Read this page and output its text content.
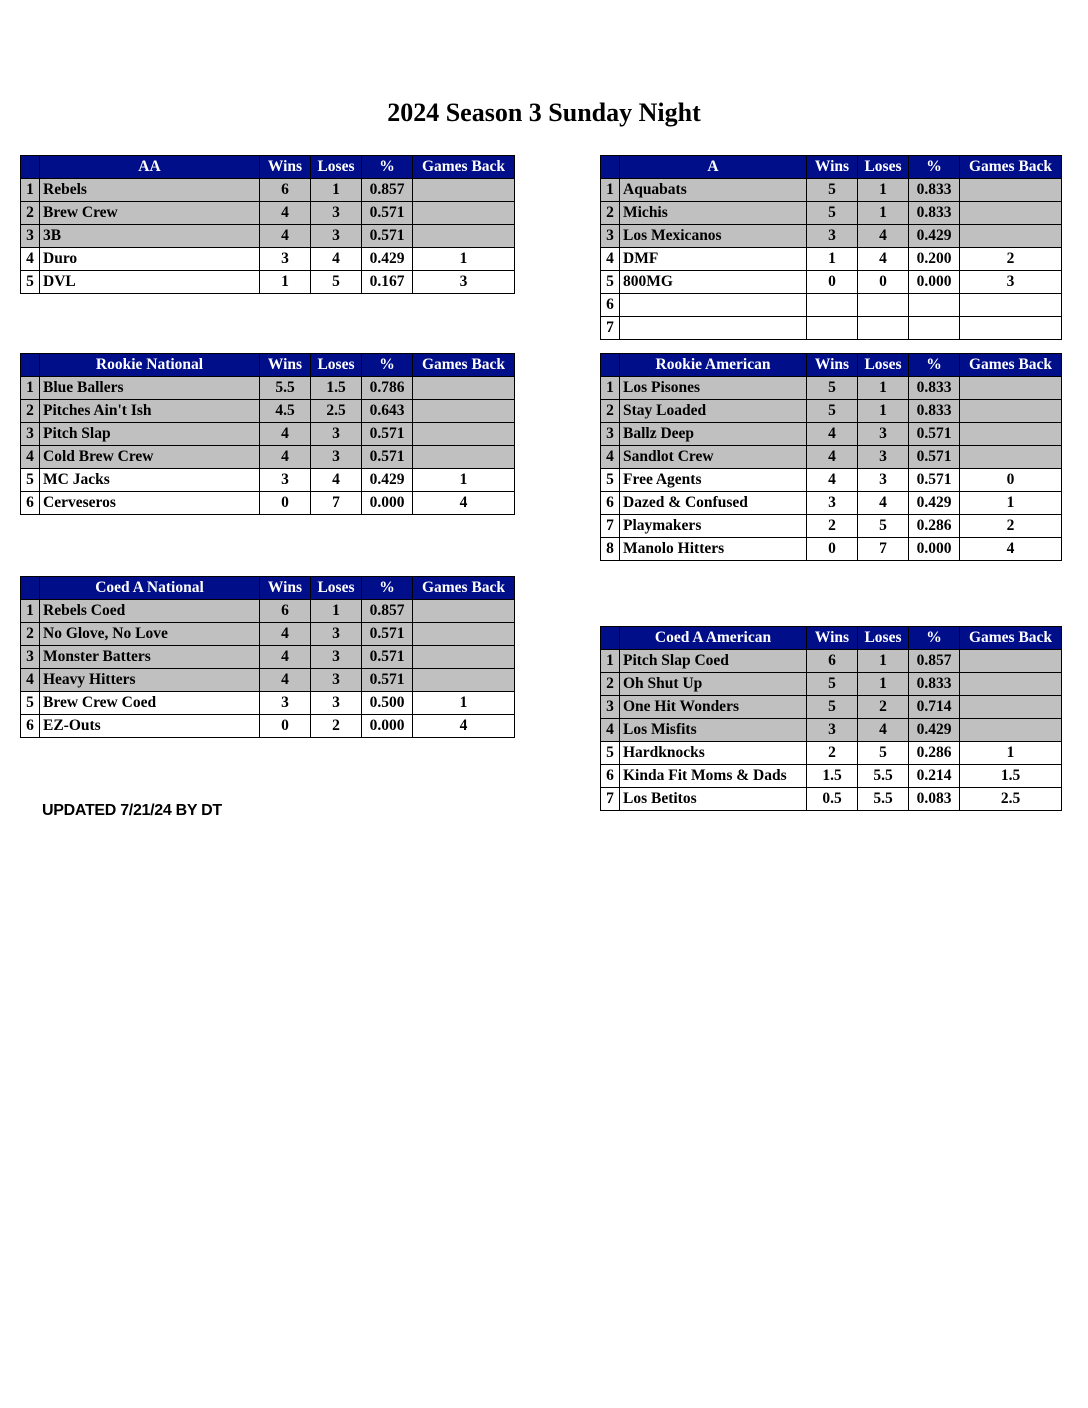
2024 Season 3 Sunday Night
	AA	Wins	Loses	%	Games Back
1	Rebels	6	1	0.857	
2	Brew Crew	4	3	0.571	
3	3B	4	3	0.571	
4	Duro	3	4	0.429	1
5	DVL	1	5	0.167	3
	A	Wins	Loses	%	Games Back
1	Aquabats	5	1	0.833	
2	Michis	5	1	0.833	
3	Los Mexicanos	3	4	0.429	
4	DMF	1	4	0.200	2
5	800MG	0	0	0.000	3
6					
7					
	Rookie National	Wins	Loses	%	Games Back
1	Blue Ballers	5.5	1.5	0.786	
2	Pitches Ain't Ish	4.5	2.5	0.643	
3	Pitch Slap	4	3	0.571	
4	Cold Brew Crew	4	3	0.571	
5	MC Jacks	3	4	0.429	1
6	Cerveseros	0	7	0.000	4
	Rookie American	Wins	Loses	%	Games Back
1	Los Pisones	5	1	0.833	
2	Stay Loaded	5	1	0.833	
3	Ballz Deep	4	3	0.571	
4	Sandlot Crew	4	3	0.571	
5	Free Agents	4	3	0.571	0
6	Dazed & Confused	3	4	0.429	1
7	Playmakers	2	5	0.286	2
8	Manolo Hitters	0	7	0.000	4
	Coed A National	Wins	Loses	%	Games Back
1	Rebels Coed	6	1	0.857	
2	No Glove, No Love	4	3	0.571	
3	Monster Batters	4	3	0.571	
4	Heavy Hitters	4	3	0.571	
5	Brew Crew Coed	3	3	0.500	1
6	EZ-Outs	0	2	0.000	4
	Coed A American	Wins	Loses	%	Games Back
1	Pitch Slap Coed	6	1	0.857	
2	Oh Shut Up	5	1	0.833	
3	One Hit Wonders	5	2	0.714	
4	Los Misfits	3	4	0.429	
5	Hardknocks	2	5	0.286	1
6	Kinda Fit Moms & Dads	1.5	5.5	0.214	1.5
7	Los Betitos	0.5	5.5	0.083	2.5
UPDATED 7/21/24 BY DT
